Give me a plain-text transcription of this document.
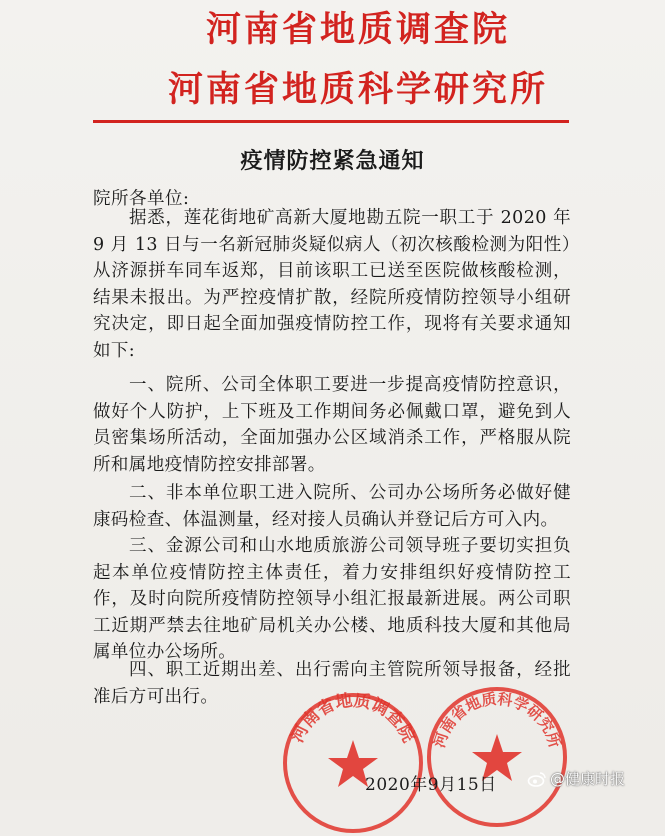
河南省地质调查院
河南省地质科学研究所
疫情防控紧急通知
院所各单位:
据悉，莲花街地矿高新大厦地勘五院一职工于 2020 年 9 月 13 日与一名新冠肺炎疑似病人（初次核酸检测为阳性）从济源拼车同车返郑，目前该职工已送至医院做核酸检测，结果未报出。为严控疫情扩散，经院所疫情防控领导小组研究决定，即日起全面加强疫情防控工作，现将有关要求通知如下:
一、院所、公司全体职工要进一步提高疫情防控意识，做好个人防护，上下班及工作期间务必佩戴口罩，避免到人员密集场所活动，全面加强办公区域消杀工作，严格服从院所和属地疫情防控安排部署。
二、非本单位职工进入院所、公司办公场所务必做好健康码检查、体温测量，经对接人员确认并登记后方可入内。
三、金源公司和山水地质旅游公司领导班子要切实担负起本单位疫情防控主体责任，着力安排组织好疫情防控工作，及时向院所疫情防控领导小组汇报最新进展。两公司职工近期严禁去往地矿局机关办公楼、地质科技大厦和其他局属单位办公场所。
四、职工近期出差、出行需向主管院所领导报备，经批准后方可出行。
河南省地质调查院 河南省地质科学研究所
2020年9月15日	@健康时报
